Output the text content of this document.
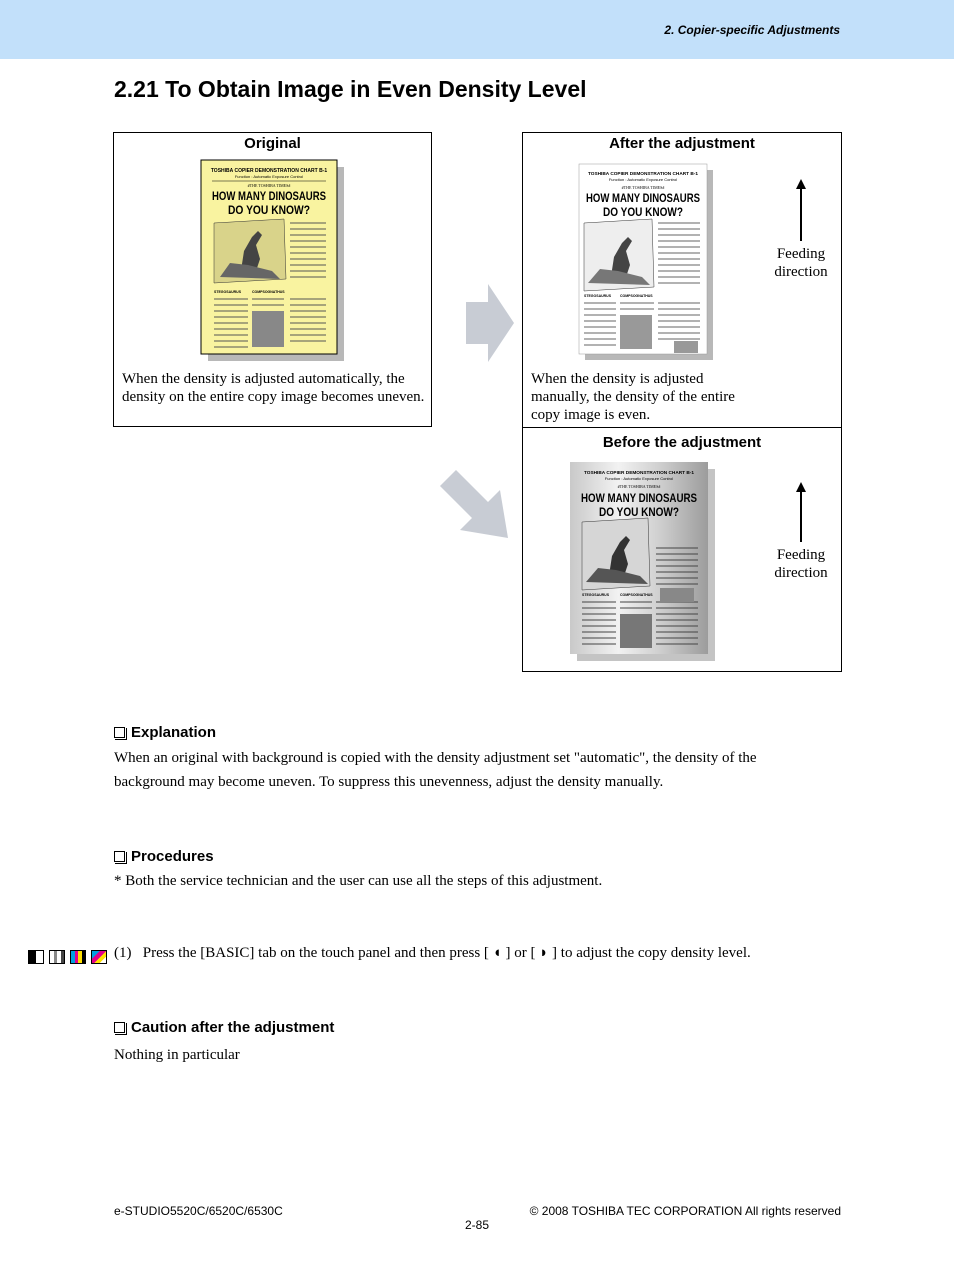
2. Copier-specific Adjustments
2.21 To Obtain Image in Even Density Level
Original
TOSHIBA COPIER DEMONSTRATION CHART B-1
Function : Automatic Exposure Control
#THE TOSHIBA TIMES#
HOW MANY DINOSAURS
DO YOU KNOW?
STEGOSAURUS	COMPSOGNATHUS
When the density is adjusted automatically, the density on the entire copy image becomes uneven.
After the adjustment
TOSHIBA COPIER DEMONSTRATION CHART B-1
Function : Automatic Exposure Control
#THE TOSHIBA TIMES#
HOW MANY DINOSAURS
DO YOU KNOW?
STEGOSAURUS	COMPSOGNATHUS
Feeding direction
When the density is adjusted manually, the density of the entire copy image is even.
Before the adjustment
TOSHIBA COPIER DEMONSTRATION CHART B-1
Function : Automatic Exposure Control
#THE TOSHIBA TIMES#
HOW MANY DINOSAURS
DO YOU KNOW?
STEGOSAURUS	COMPSOGNATHUS
Feeding direction
Explanation
When an original with background is copied with the density adjustment set "automatic", the density of the background may become uneven. To suppress this unevenness, adjust the density manually.
Procedures
* Both the service technician and the user can use all the steps of this adjustment.
(1) Press the [BASIC] tab on the touch panel and then press [ ◖ ] or [ ◗ ] to adjust the copy density level.
Caution after the adjustment
Nothing in particular
e-STUDIO5520C/6520C/6530C	© 2008 TOSHIBA TEC CORPORATION All rights reserved
2-85
